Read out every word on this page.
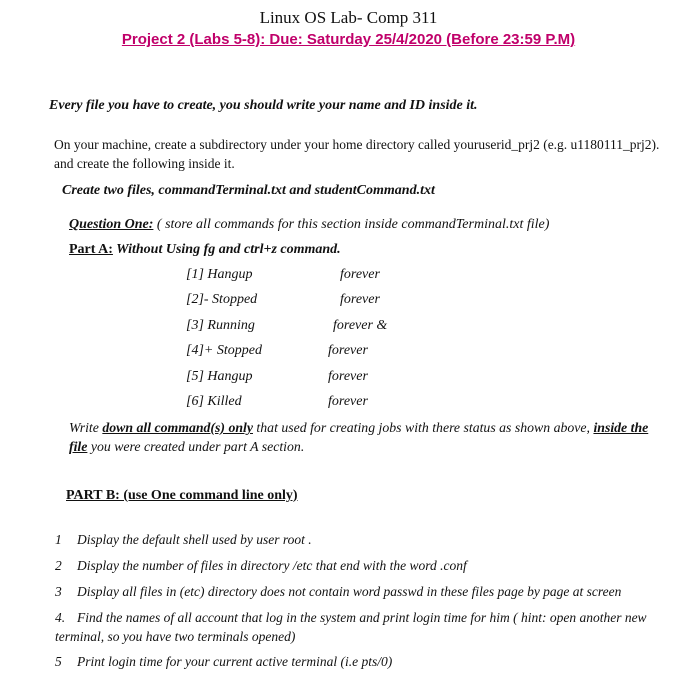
Linux OS Lab- Comp 311
Project 2 (Labs 5-8): Due: Saturday 25/4/2020 (Before 23:59 P.M)
Every file you have to create, you should write your name and ID inside it.
On your machine, create a subdirectory under your home directory called youruserid_prj2 (e.g. u1180111_prj2). and create the following inside it.
Create two files, commandTerminal.txt and studentCommand.txt
Question One: ( store all commands for this section inside commandTerminal.txt file)
Part A: Without Using fg and ctrl+z command.
[1] Hangup	forever
[2]- Stopped	forever
[3] Running	forever &
[4]+ Stopped	forever
[5] Hangup	forever
[6] Killed	forever
Write down all command(s) only that used for creating jobs with there status as shown above, inside the file you were created under part A section.
PART B: (use One command line only)
1 Display the default shell used by user root .
2 Display the number of files in directory /etc that end with the word .conf
3 Display all files in (etc) directory does not contain word passwd in these files page by page at screen
4. Find the names of all account that log in the system and print login time for him ( hint: open another new terminal, so you have two terminals opened)
5 Print login time for your current active terminal (i.e pts/0)
